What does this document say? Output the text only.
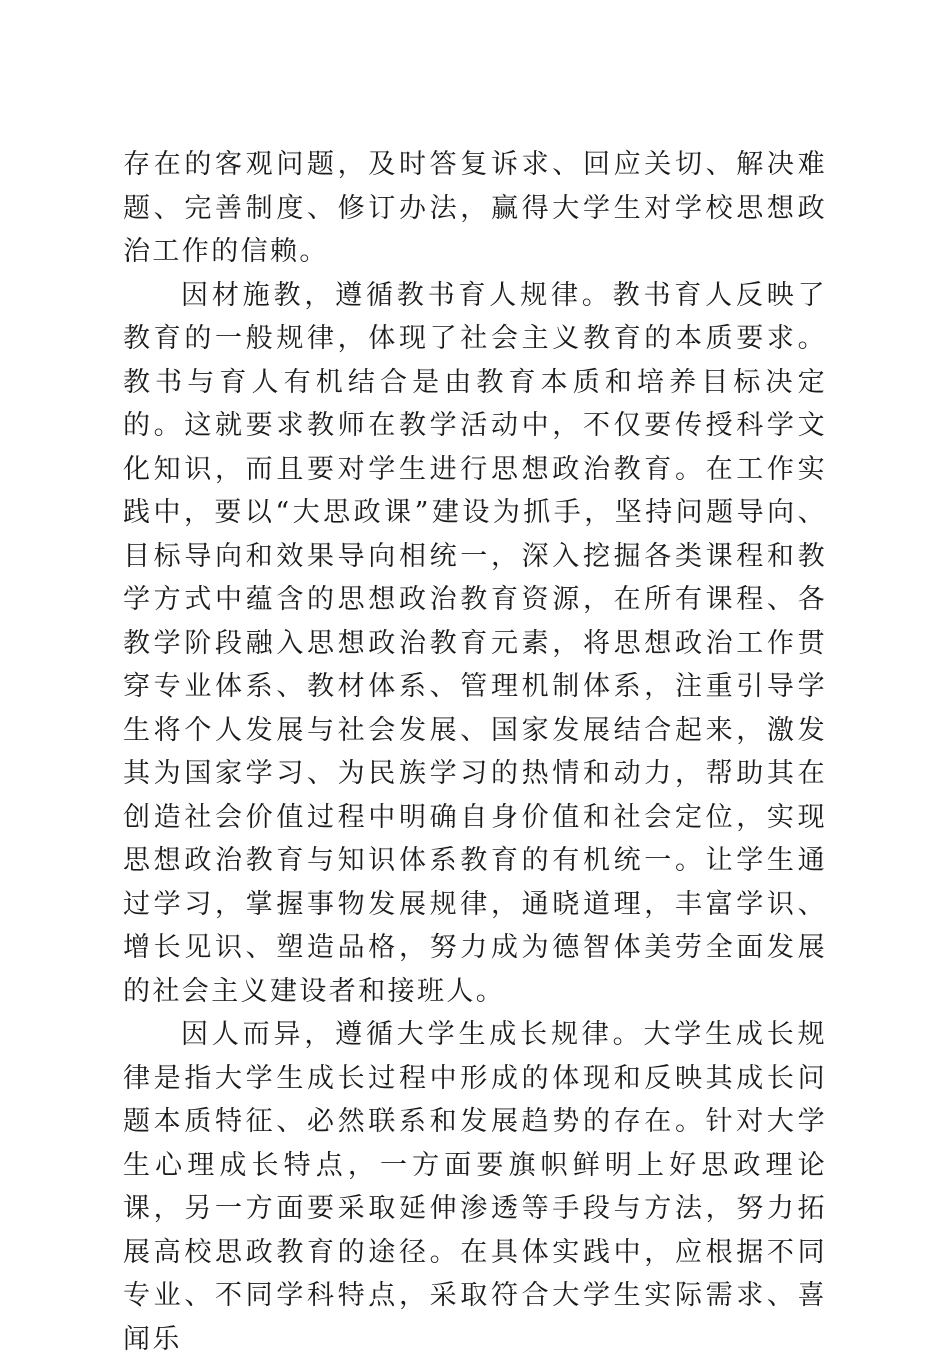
存在的客观问题，及时答复诉求、回应关切、解决难题、完善制度、修订办法，赢得大学生对学校思想政治工作的信赖。

因材施教，遵循教书育人规律。教书育人反映了教育的一般规律，体现了社会主义教育的本质要求。教书与育人有机结合是由教育本质和培养目标决定的。这就要求教师在教学活动中，不仅要传授科学文化知识，而且要对学生进行思想政治教育。在工作实践中，要以“大思政课”建设为抓手，坚持问题导向、目标导向和效果导向相统一，深入挖掘各类课程和教学方式中蕴含的思想政治教育资源，在所有课程、各教学阶段融入思想政治教育元素，将思想政治工作贯穿专业体系、教材体系、管理机制体系，注重引导学生将个人发展与社会发展、国家发展结合起来，激发其为国家学习、为民族学习的热情和动力，帮助其在创造社会价值过程中明确自身价值和社会定位，实现思想政治教育与知识体系教育的有机统一。让学生通过学习，掌握事物发展规律，通晓道理，丰富学识、增长见识、塑造品格，努力成为德智体美劳全面发展的社会主义建设者和接班人。

因人而异，遵循大学生成长规律。大学生成长规律是指大学生成长过程中形成的体现和反映其成长问题本质特征、必然联系和发展趋势的存在。针对大学生心理成长特点，一方面要旗帜鲜明上好思政理论课，另一方面要采取延伸渗透等手段与方法，努力拓展高校思政教育的途径。在具体实践中，应根据不同专业、不同学科特点，采取符合大学生实际需求、喜闻乐
